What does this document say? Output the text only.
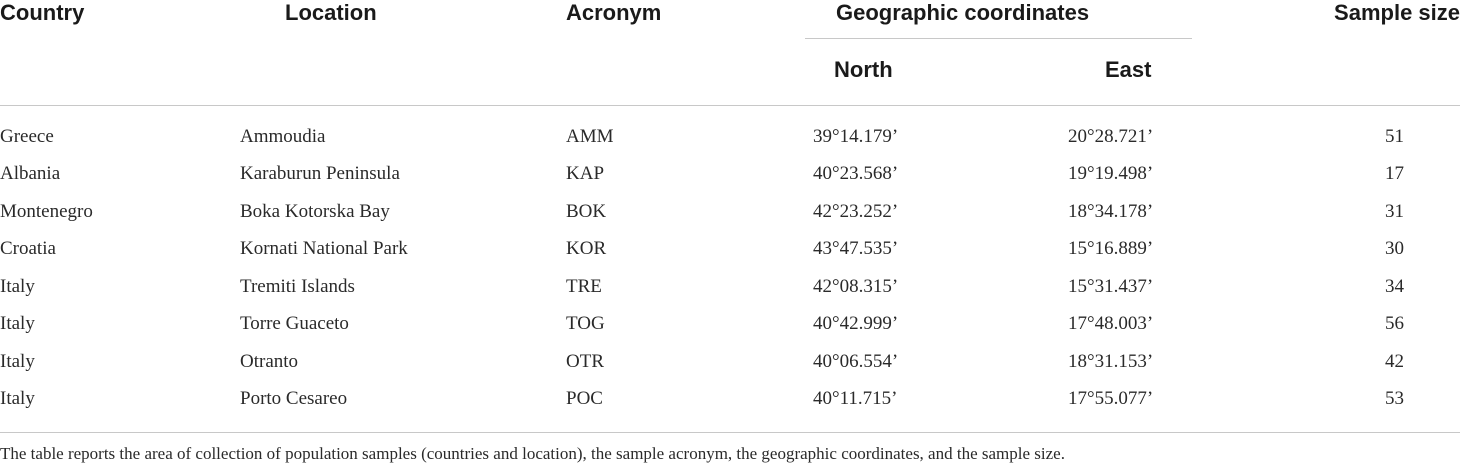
Country	Location	Acronym	Geographic coordinates	Sample size
North	East
Greece	Ammoudia	AMM	39°14.179’	20°28.721’	51
Albania	Karaburun Peninsula	KAP	40°23.568’	19°19.498’	17
Montenegro	Boka Kotorska Bay	BOK	42°23.252’	18°34.178’	31
Croatia	Kornati National Park	KOR	43°47.535’	15°16.889’	30
Italy	Tremiti Islands	TRE	42°08.315’	15°31.437’	34
Italy	Torre Guaceto	TOG	40°42.999’	17°48.003’	56
Italy	Otranto	OTR	40°06.554’	18°31.153’	42
Italy	Porto Cesareo	POC	40°11.715’	17°55.077’	53
The table reports the area of collection of population samples (countries and location), the sample acronym, the geographic coordinates, and the sample size.
